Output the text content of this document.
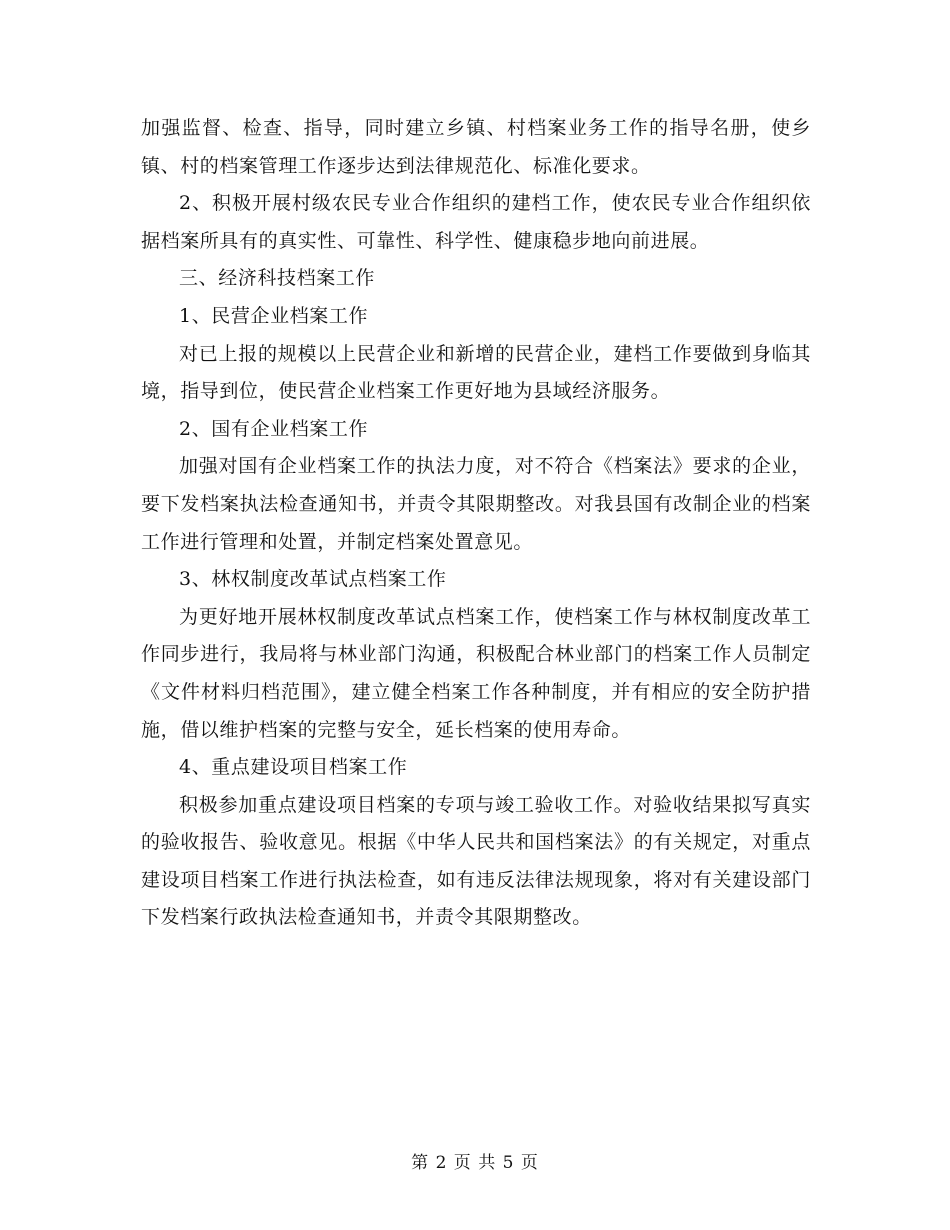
加强监督、检查、指导，同时建立乡镇、村档案业务工作的指导名册，使乡镇、村的档案管理工作逐步达到法律规范化、标准化要求。

2、积极开展村级农民专业合作组织的建档工作，使农民专业合作组织依据档案所具有的真实性、可靠性、科学性、健康稳步地向前进展。

三、经济科技档案工作

1、民营企业档案工作

对已上报的规模以上民营企业和新增的民营企业，建档工作要做到身临其境，指导到位，使民营企业档案工作更好地为县域经济服务。

2、国有企业档案工作

加强对国有企业档案工作的执法力度，对不符合《档案法》要求的企业，要下发档案执法检查通知书，并责令其限期整改。对我县国有改制企业的档案工作进行管理和处置，并制定档案处置意见。

3、林权制度改革试点档案工作

为更好地开展林权制度改革试点档案工作，使档案工作与林权制度改革工作同步进行，我局将与林业部门沟通，积极配合林业部门的档案工作人员制定《文件材料归档范围》，建立健全档案工作各种制度，并有相应的安全防护措施，借以维护档案的完整与安全，延长档案的使用寿命。

4、重点建设项目档案工作

积极参加重点建设项目档案的专项与竣工验收工作。对验收结果拟写真实的验收报告、验收意见。根据《中华人民共和国档案法》的有关规定，对重点建设项目档案工作进行执法检查，如有违反法律法规现象，将对有关建设部门下发档案行政执法检查通知书，并责令其限期整改。

第 2 页 共 5 页
